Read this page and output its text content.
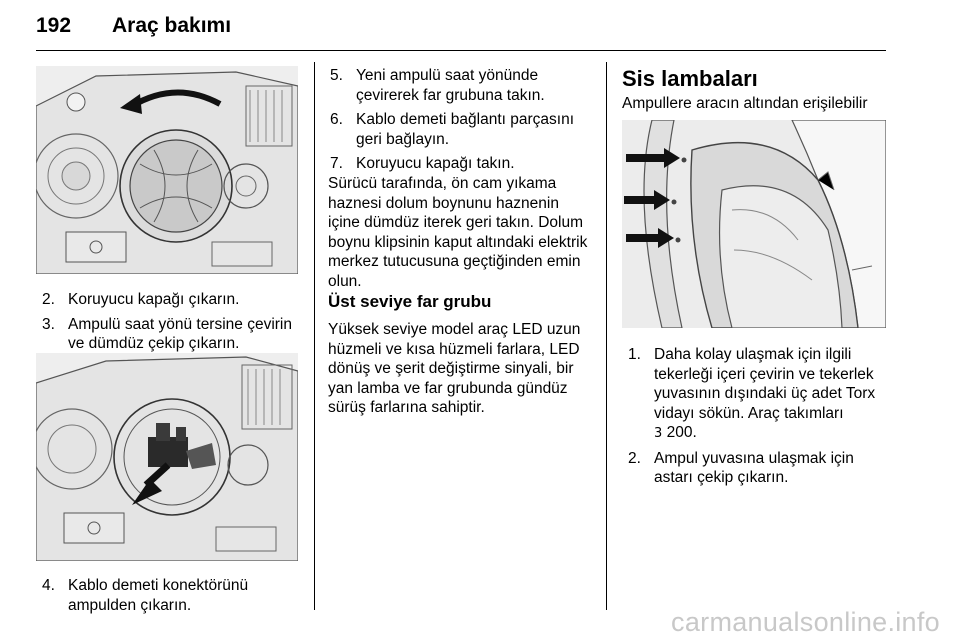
192 Araç bakımı
2. Koruyucu kapağı çıkarın.
3. Ampulü saat yönü tersine çevirin ve dümdüz çekip çıkarın.
4. Kablo demeti konektörünü ampulden çıkarın.
5. Yeni ampulü saat yönünde çevirerek far grubuna takın.
6. Kablo demeti bağlantı parçasını geri bağlayın.
7. Koruyucu kapağı takın.

Sürücü tarafında, ön cam yıkama haznesi dolum boynunu haznenin içine dümdüz iterek geri takın. Dolum boynu klipsinin kaput altındaki elektrik merkez tutucusuna geçtiğinden emin olun.

Üst seviye far grubu

Yüksek seviye model araç LED uzun hüzmeli ve kısa hüzmeli farlara, LED dönüş ve şerit değiştirme sinyali, bir yan lamba ve far grubunda gündüz sürüş farlarına sahiptir.

Sis lambaları

Ampullere aracın altından erişilebilir

1. Daha kolay ulaşmak için ilgili tekerleği içeri çevirin ve tekerlek yuvasının dışındaki üç adet Torx vidayı sökün. Araç takımları
3 200.
2. Ampul yuvasına ulaşmak için astarı çekip çıkarın.
carmanualsonline.info
